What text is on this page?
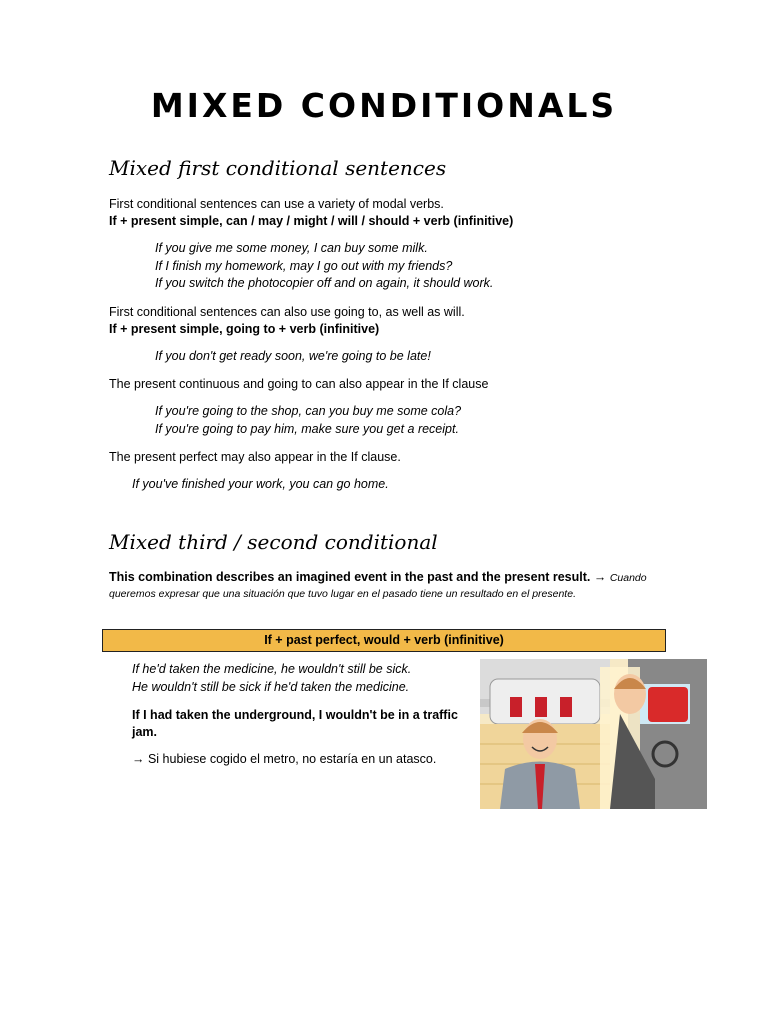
MIXED CONDITIONALS
Mixed first conditional sentences
First conditional sentences can use a variety of modal verbs.
If + present simple, can / may / might / will / should + verb (infinitive)
If you give me some money, I can buy some milk.
If I finish my homework, may I go out with my friends?
If you switch the photocopier off and on again, it should work.
First conditional sentences can also use going to, as well as will.
If + present simple, going to + verb (infinitive)
If you don't get ready soon, we're going to be late!
The present continuous and going to can also appear in the If clause
If you're going to the shop, can you buy me some cola?
If you're going to pay him, make sure you get a receipt.
The present perfect may also appear in the If clause.
If you've finished your work, you can go home.
Mixed third / second conditional
This combination describes an imagined event in the past and the present result. → Cuando
queremos expresar que una situación que tuvo lugar en el pasado tiene un resultado en el presente.
If + past perfect, would + verb (infinitive)
If he'd taken the medicine, he wouldn't still be sick.
He wouldn't still be sick if he'd taken the medicine.
If I had taken the underground, I wouldn't be in a traffic
jam.
→ Si hubiese cogido el metro, no estaría en un atasco.
